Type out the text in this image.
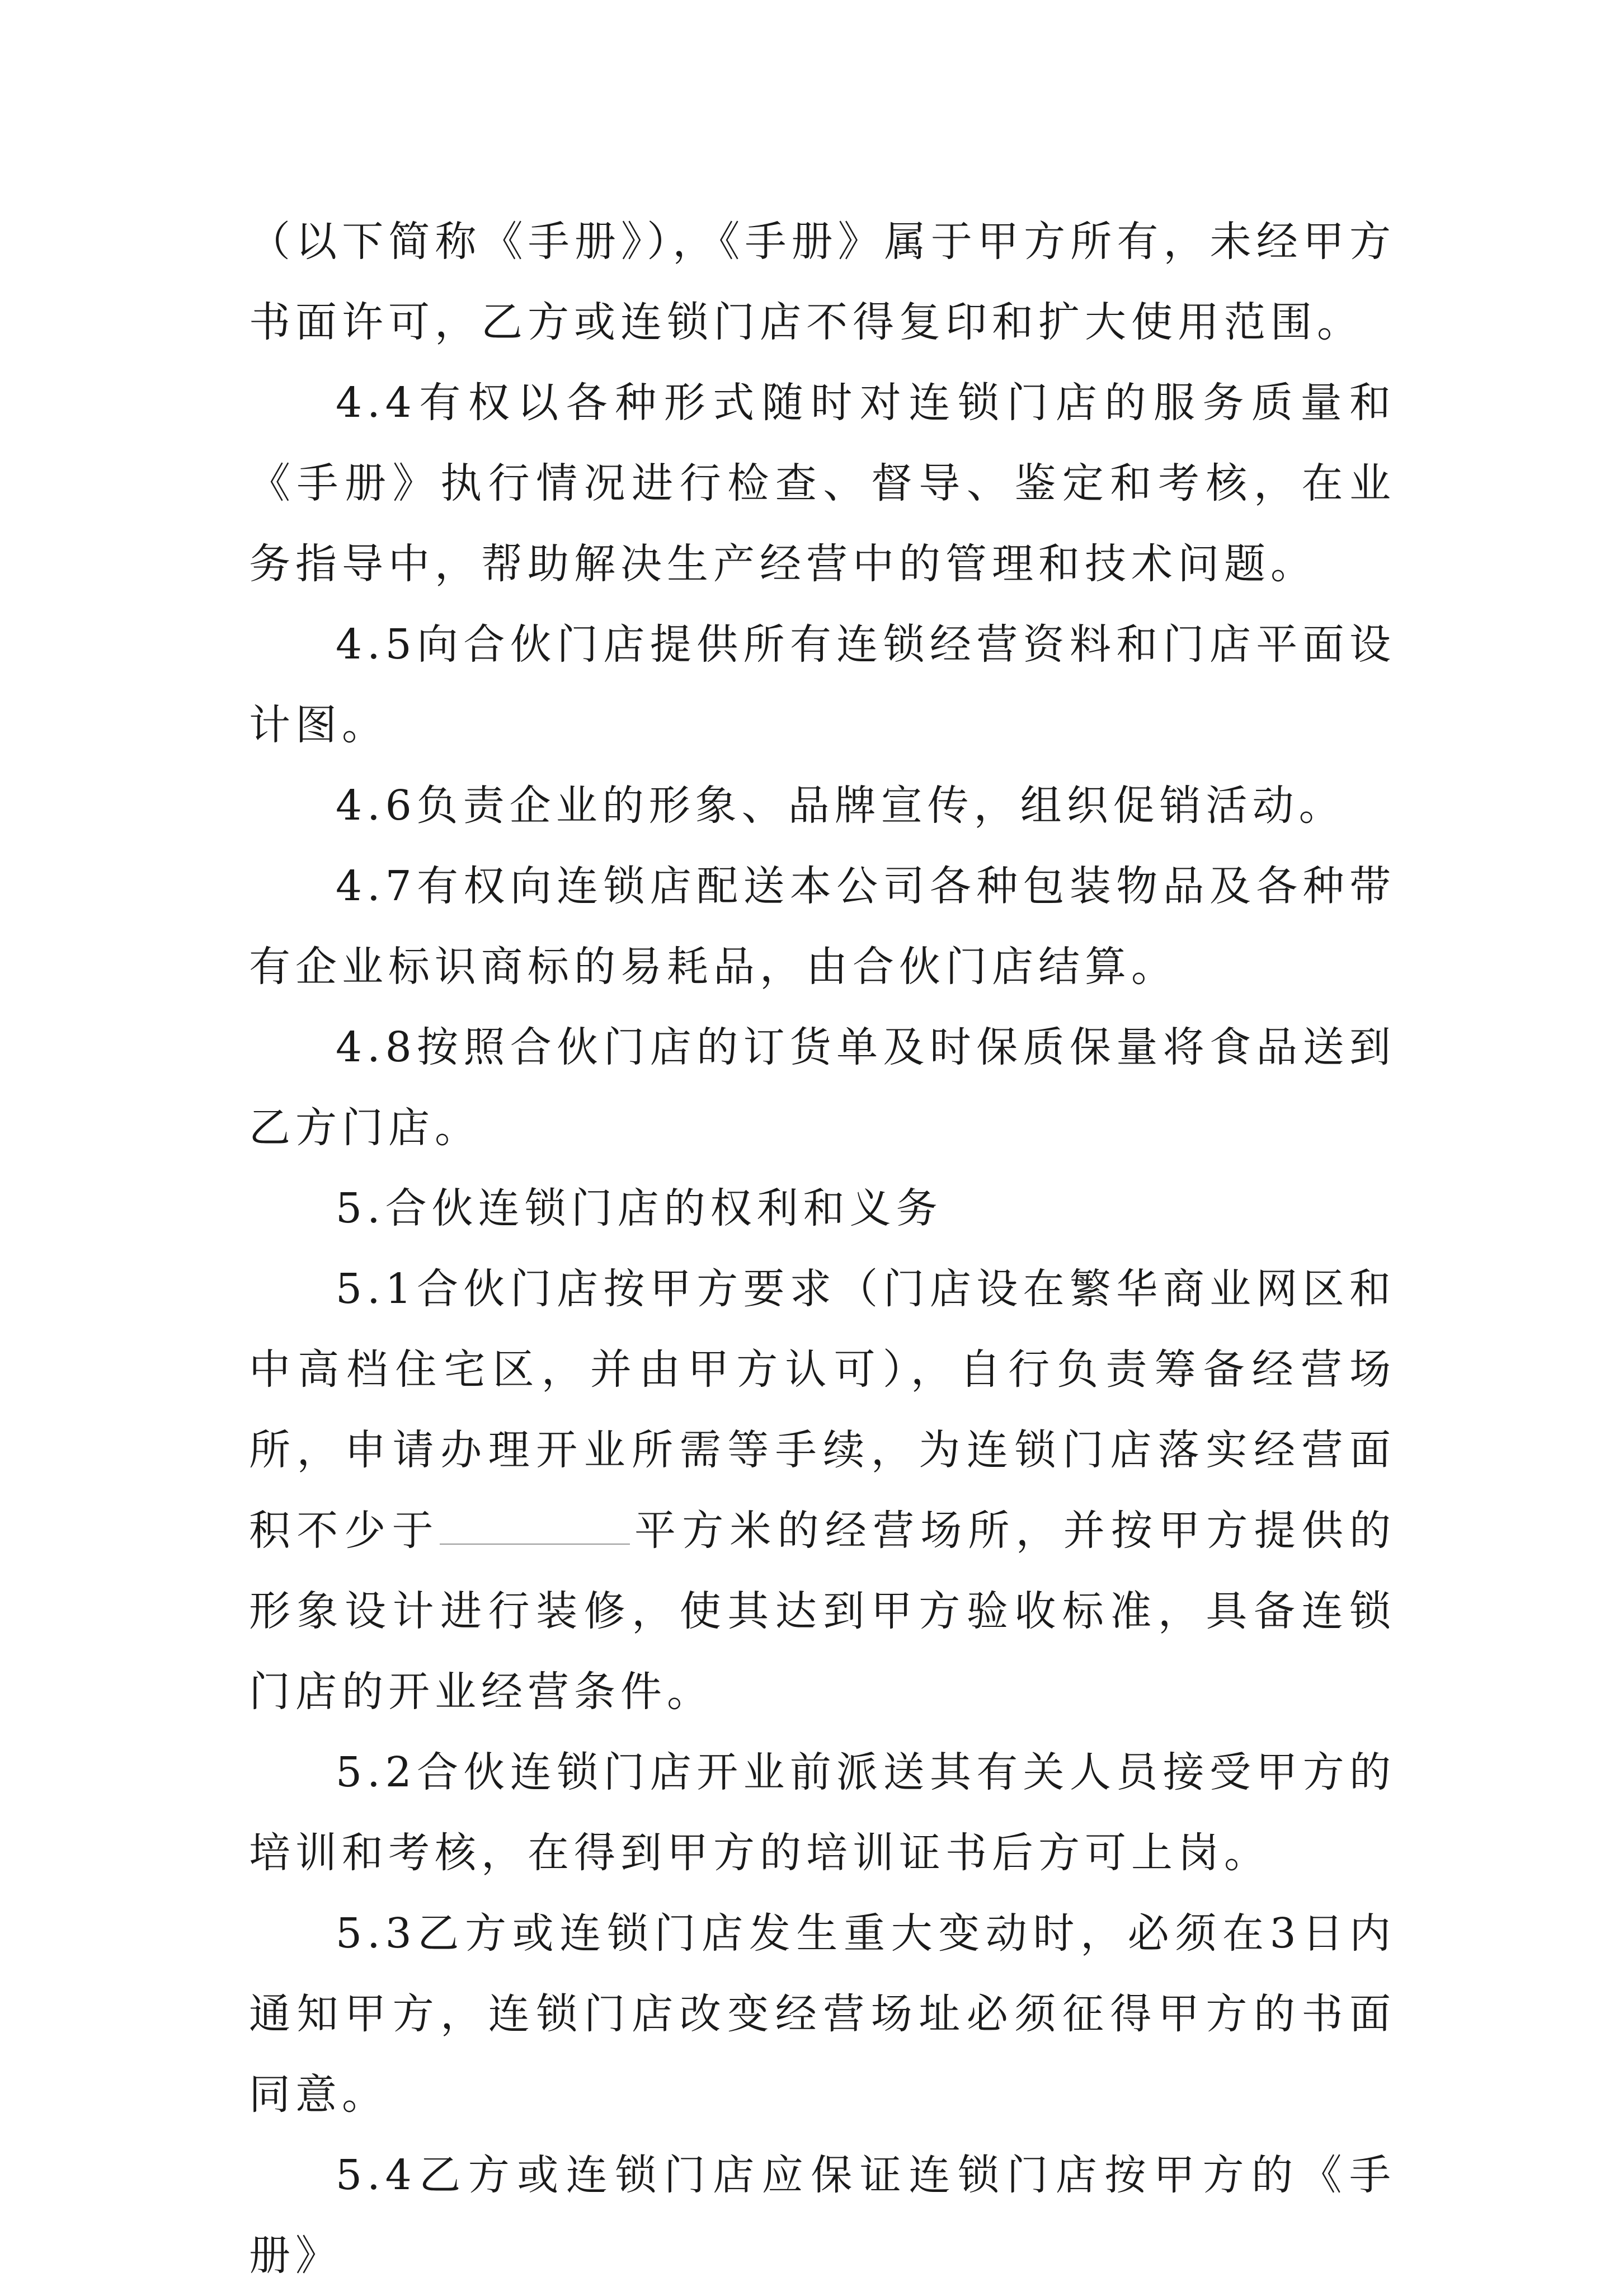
（以下简称《手册》），《手册》属于甲方所有，未经甲方书面许可，乙方或连锁门店不得复印和扩大使用范围。

4.4有权以各种形式随时对连锁门店的服务质量和《手册》执行情况进行检查、督导、鉴定和考核，在业务指导中，帮助解决生产经营中的管理和技术问题。

4.5向合伙门店提供所有连锁经营资料和门店平面设计图。

4.6负责企业的形象、品牌宣传，组织促销活动。

4.7有权向连锁店配送本公司各种包装物品及各种带有企业标识商标的易耗品，由合伙门店结算。

4.8按照合伙门店的订货单及时保质保量将食品送到乙方门店。

5.合伙连锁门店的权利和义务

5.1合伙门店按甲方要求（门店设在繁华商业网区和中高档住宅区，并由甲方认可），自行负责筹备经营场所，申请办理开业所需等手续，为连锁门店落实经营面积不少于	平方米的经营场所，并按甲方提供的形象设计进行装修，使其达到甲方验收标准，具备连锁门店的开业经营条件。

5.2合伙连锁门店开业前派送其有关人员接受甲方的培训和考核，在得到甲方的培训证书后方可上岗。

5.3乙方或连锁门店发生重大变动时，必须在3日内通知甲方，连锁门店改变经营场址必须征得甲方的书面同意。

5.4乙方或连锁门店应保证连锁门店按甲方的《手册》
